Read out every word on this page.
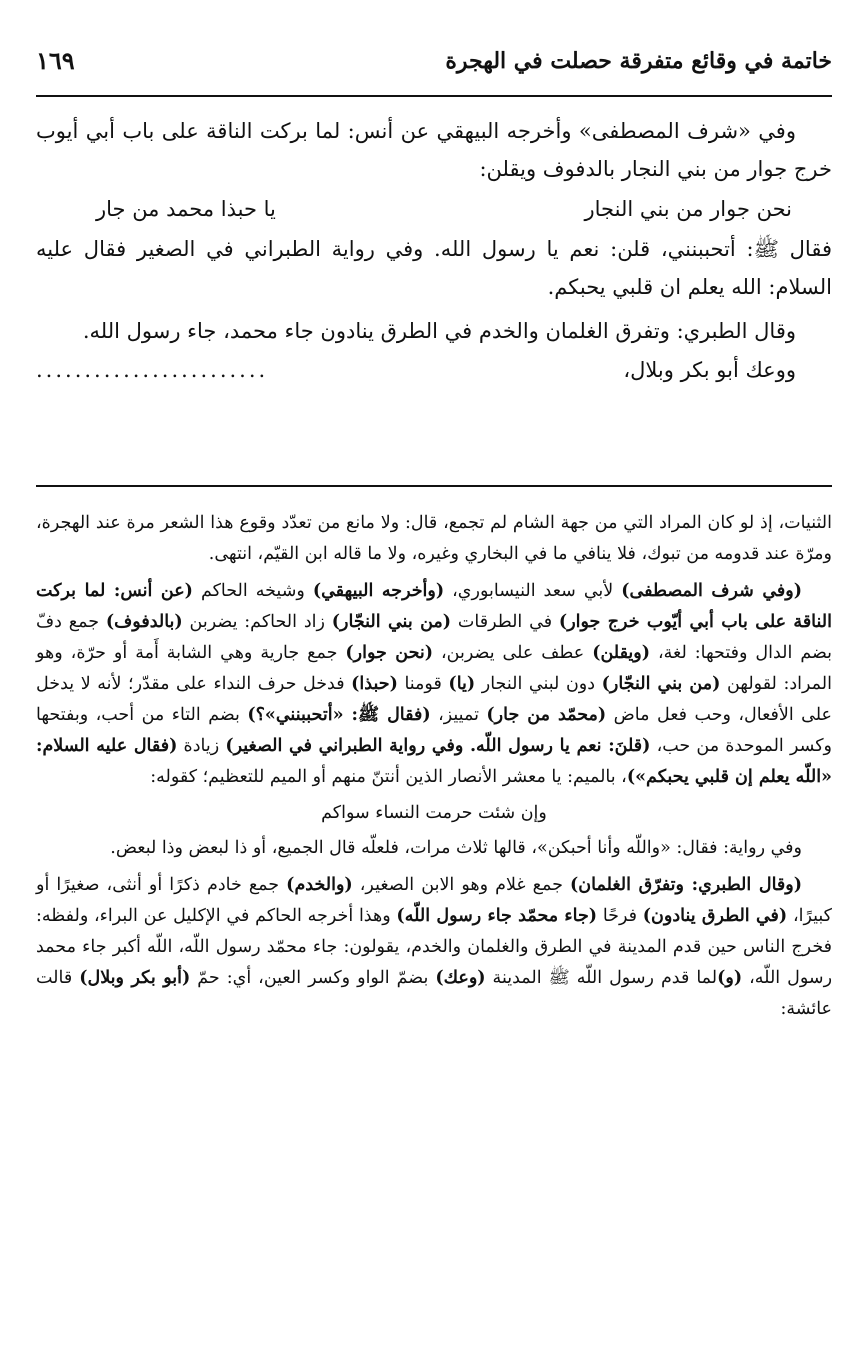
خاتمة في وقائع متفرقة حصلت في الهجرة
١٦٩

وفي «شرف المصطفى» وأخرجه البيهقي عن أنس: لما بركت الناقة على باب أبي أيوب خرج جوار من بني النجار بالدفوف ويقلن:

نحن جوار من بني النجار
يا حبذا محمد من جار

فقال ﷺ: أتحببنني، قلن: نعم يا رسول الله. وفي رواية الطبراني في الصغير فقال عليه السلام: الله يعلم ان قلبي يحبكم.

وقال الطبري: وتفرق الغلمان والخدم في الطرق ينادون جاء محمد، جاء رسول الله.

ووعك أبو بكر وبلال،
........................

الثنيات، إذ لو كان المراد التي من جهة الشام لم تجمع، قال: ولا مانع من تعدّد وقوع هذا الشعر مرة عند الهجرة، ومرّة عند قدومه من تبوك، فلا ينافي ما في البخاري وغيره، ولا ما قاله ابن القيّم، انتهى.

(وفي شرف المصطفى) لأبي سعد النيسابوري، (وأخرجه البيهقي) وشيخه الحاكم (عن أنس: لما بركت الناقة على باب أبي أيّوب خرج جوار) في الطرقات (من بني النجّار) زاد الحاكم: يضربن (بالدفوف) جمع دفّ بضم الدال وفتحها: لغة، (ويقلن) عطف على يضربن، (نحن جوار) جمع جارية وهي الشابة أَمة أو حرّة، وهو المراد: لقولهن (من بني النجّار) دون لبني النجار (يا) قومنا (حبذا) فدخل حرف النداء على مقدّر؛ لأنه لا يدخل على الأفعال، وحب فعل ماض (محمّد من جار) تمييز، (فقال ﷺ: «أتحببنني»؟) بضم التاء من أحب، وبفتحها وكسر الموحدة من حب، (قلنَ: نعم يا رسول اللّه. وفي رواية الطبراني في الصغير) زيادة (فقال عليه السلام: «اللّه يعلم إن قلبي يحبكم»)، بالميم: يا معشر الأنصار الذين أنتنّ منهم أو الميم للتعظيم؛ كقوله:

وإن شئت حرمت النساء سواكم

وفي رواية: فقال: «واللّه وأنا أحبكن»، قالها ثلاث مرات، فلعلّه قال الجميع، أو ذا لبعض وذا لبعض.

(وقال الطبري: وتفرّق الغلمان) جمع غلام وهو الابن الصغير، (والخدم) جمع خادم ذكرًا أو أنثى، صغيرًا أو كبيرًا، (في الطرق ينادون) فرحًا (جاء محمّد جاء رسول اللّه) وهذا أخرجه الحاكم في الإكليل عن البراء، ولفظه: فخرج الناس حين قدم المدينة في الطرق والغلمان والخدم، يقولون: جاء محمّد رسول اللّه، اللّه أكبر جاء محمد رسول اللّه، (و)لما قدم رسول اللّه ﷺ المدينة (وعك) بضمّ الواو وكسر العين، أي: حمّ (أبو بكر وبلال) قالت عائشة:
